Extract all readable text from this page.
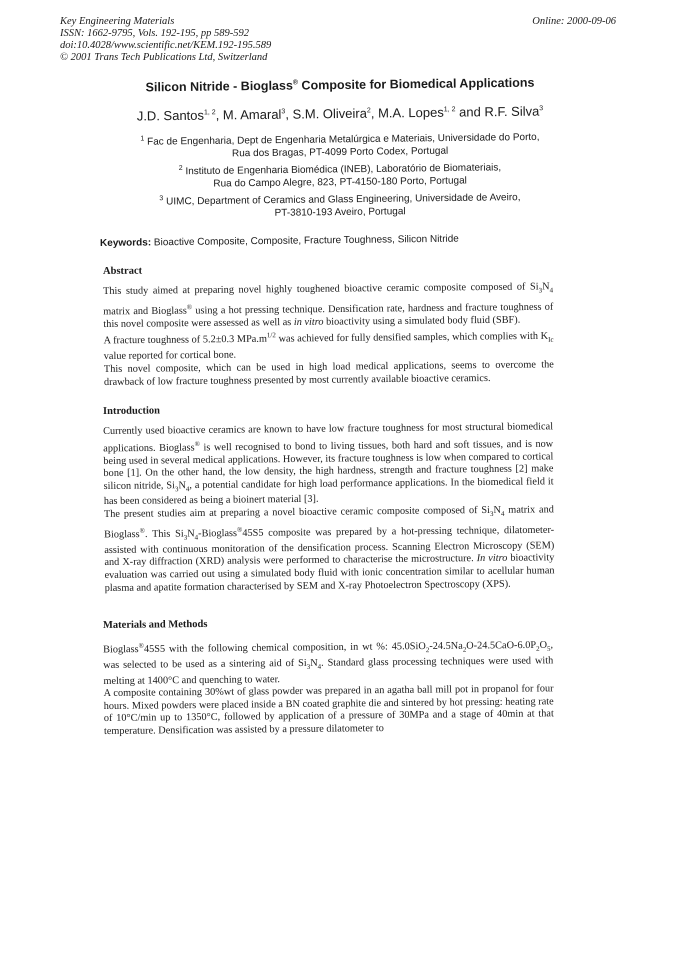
Key Engineering Materials
ISSN: 1662-9795, Vols. 192-195, pp 589-592
doi:10.4028/www.scientific.net/KEM.192-195.589
© 2001 Trans Tech Publications Ltd, Switzerland
Online: 2000-09-06
Silicon Nitride - Bioglass® Composite for Biomedical Applications
J.D. Santos$^{1, 2}$, M. Amaral$^3$, S.M. Oliveira$^2$, M.A. Lopes$^{1, 2}$ and R.F. Silva$^3$
$^1$ Fac de Engenharia, Dept de Engenharia Metalúrgica e Materiais, Universidade do Porto,
Rua dos Bragas, PT-4099 Porto Codex, Portugal
$^2$ Instituto de Engenharia Biomédica (INEB), Laboratório de Biomateriais,
Rua do Campo Alegre, 823, PT-4150-180 Porto, Portugal
$^3$ UIMC, Department of Ceramics and Glass Engineering, Universidade de Aveiro,
PT-3810-193 Aveiro, Portugal
Keywords: Bioactive Composite, Composite, Fracture Toughness, Silicon Nitride
Abstract

This study aimed at preparing novel highly toughened bioactive ceramic composite composed of $Si_3N_4$ matrix and Bioglass® using a hot pressing technique. Densification rate, hardness and fracture toughness of this novel composite were assessed as well as in vitro bioactivity using a simulated body fluid (SBF).

A fracture toughness of 5.2±0.3 $MPa.m^{1/2}$ was achieved for fully densified samples, which complies with $K_{Ic}$ value reported for cortical bone.

This novel composite, which can be used in high load medical applications, seems to overcome the drawback of low fracture toughness presented by most currently available bioactive ceramics.

Introduction

Currently used bioactive ceramics are known to have low fracture toughness for most structural biomedical applications. Bioglass® is well recognised to bond to living tissues, both hard and soft tissues, and is now being used in several medical applications. However, its fracture toughness is low when compared to cortical bone [1]. On the other hand, the low density, the high hardness, strength and fracture toughness [2] make silicon nitride, $Si_3N_4$, a potential candidate for high load performance applications. In the biomedical field it has been considered as being a bioinert material [3].

The present studies aim at preparing a novel bioactive ceramic composite composed of $Si_3N_4$ matrix and Bioglass®. This $Si_3N_4-Bioglass®45S5$ composite was prepared by a hot-pressing technique, dilatometer-assisted with continuous monitoration of the densification process. Scanning Electron Microscopy (SEM) and X-ray diffraction (XRD) analysis were performed to characterise the microstructure. In vitro bioactivity evaluation was carried out using a simulated body fluid with ionic concentration similar to acellular human plasma and apatite formation characterised by SEM and X-ray Photoelectron Spectroscopy (XPS).

Materials and Methods

Bioglass®45S5 with the following chemical composition, in wt %: $45.0SiO_2-24.5Na_2O-24.5CaO-6.0P_2O_5$, was selected to be used as a sintering aid of $Si_3N_4$. Standard glass processing techniques were used with melting at 1400°C and quenching to water.

A composite containing 30%wt of glass powder was prepared in an agatha ball mill pot in propanol for four hours. Mixed powders were placed inside a BN coated graphite die and sintered by hot pressing: heating rate of 10°C/min up to 1350°C, followed by application of a pressure of 30MPa and a stage of 40min at that temperature. Densification was assisted by a pressure dilatometer to
